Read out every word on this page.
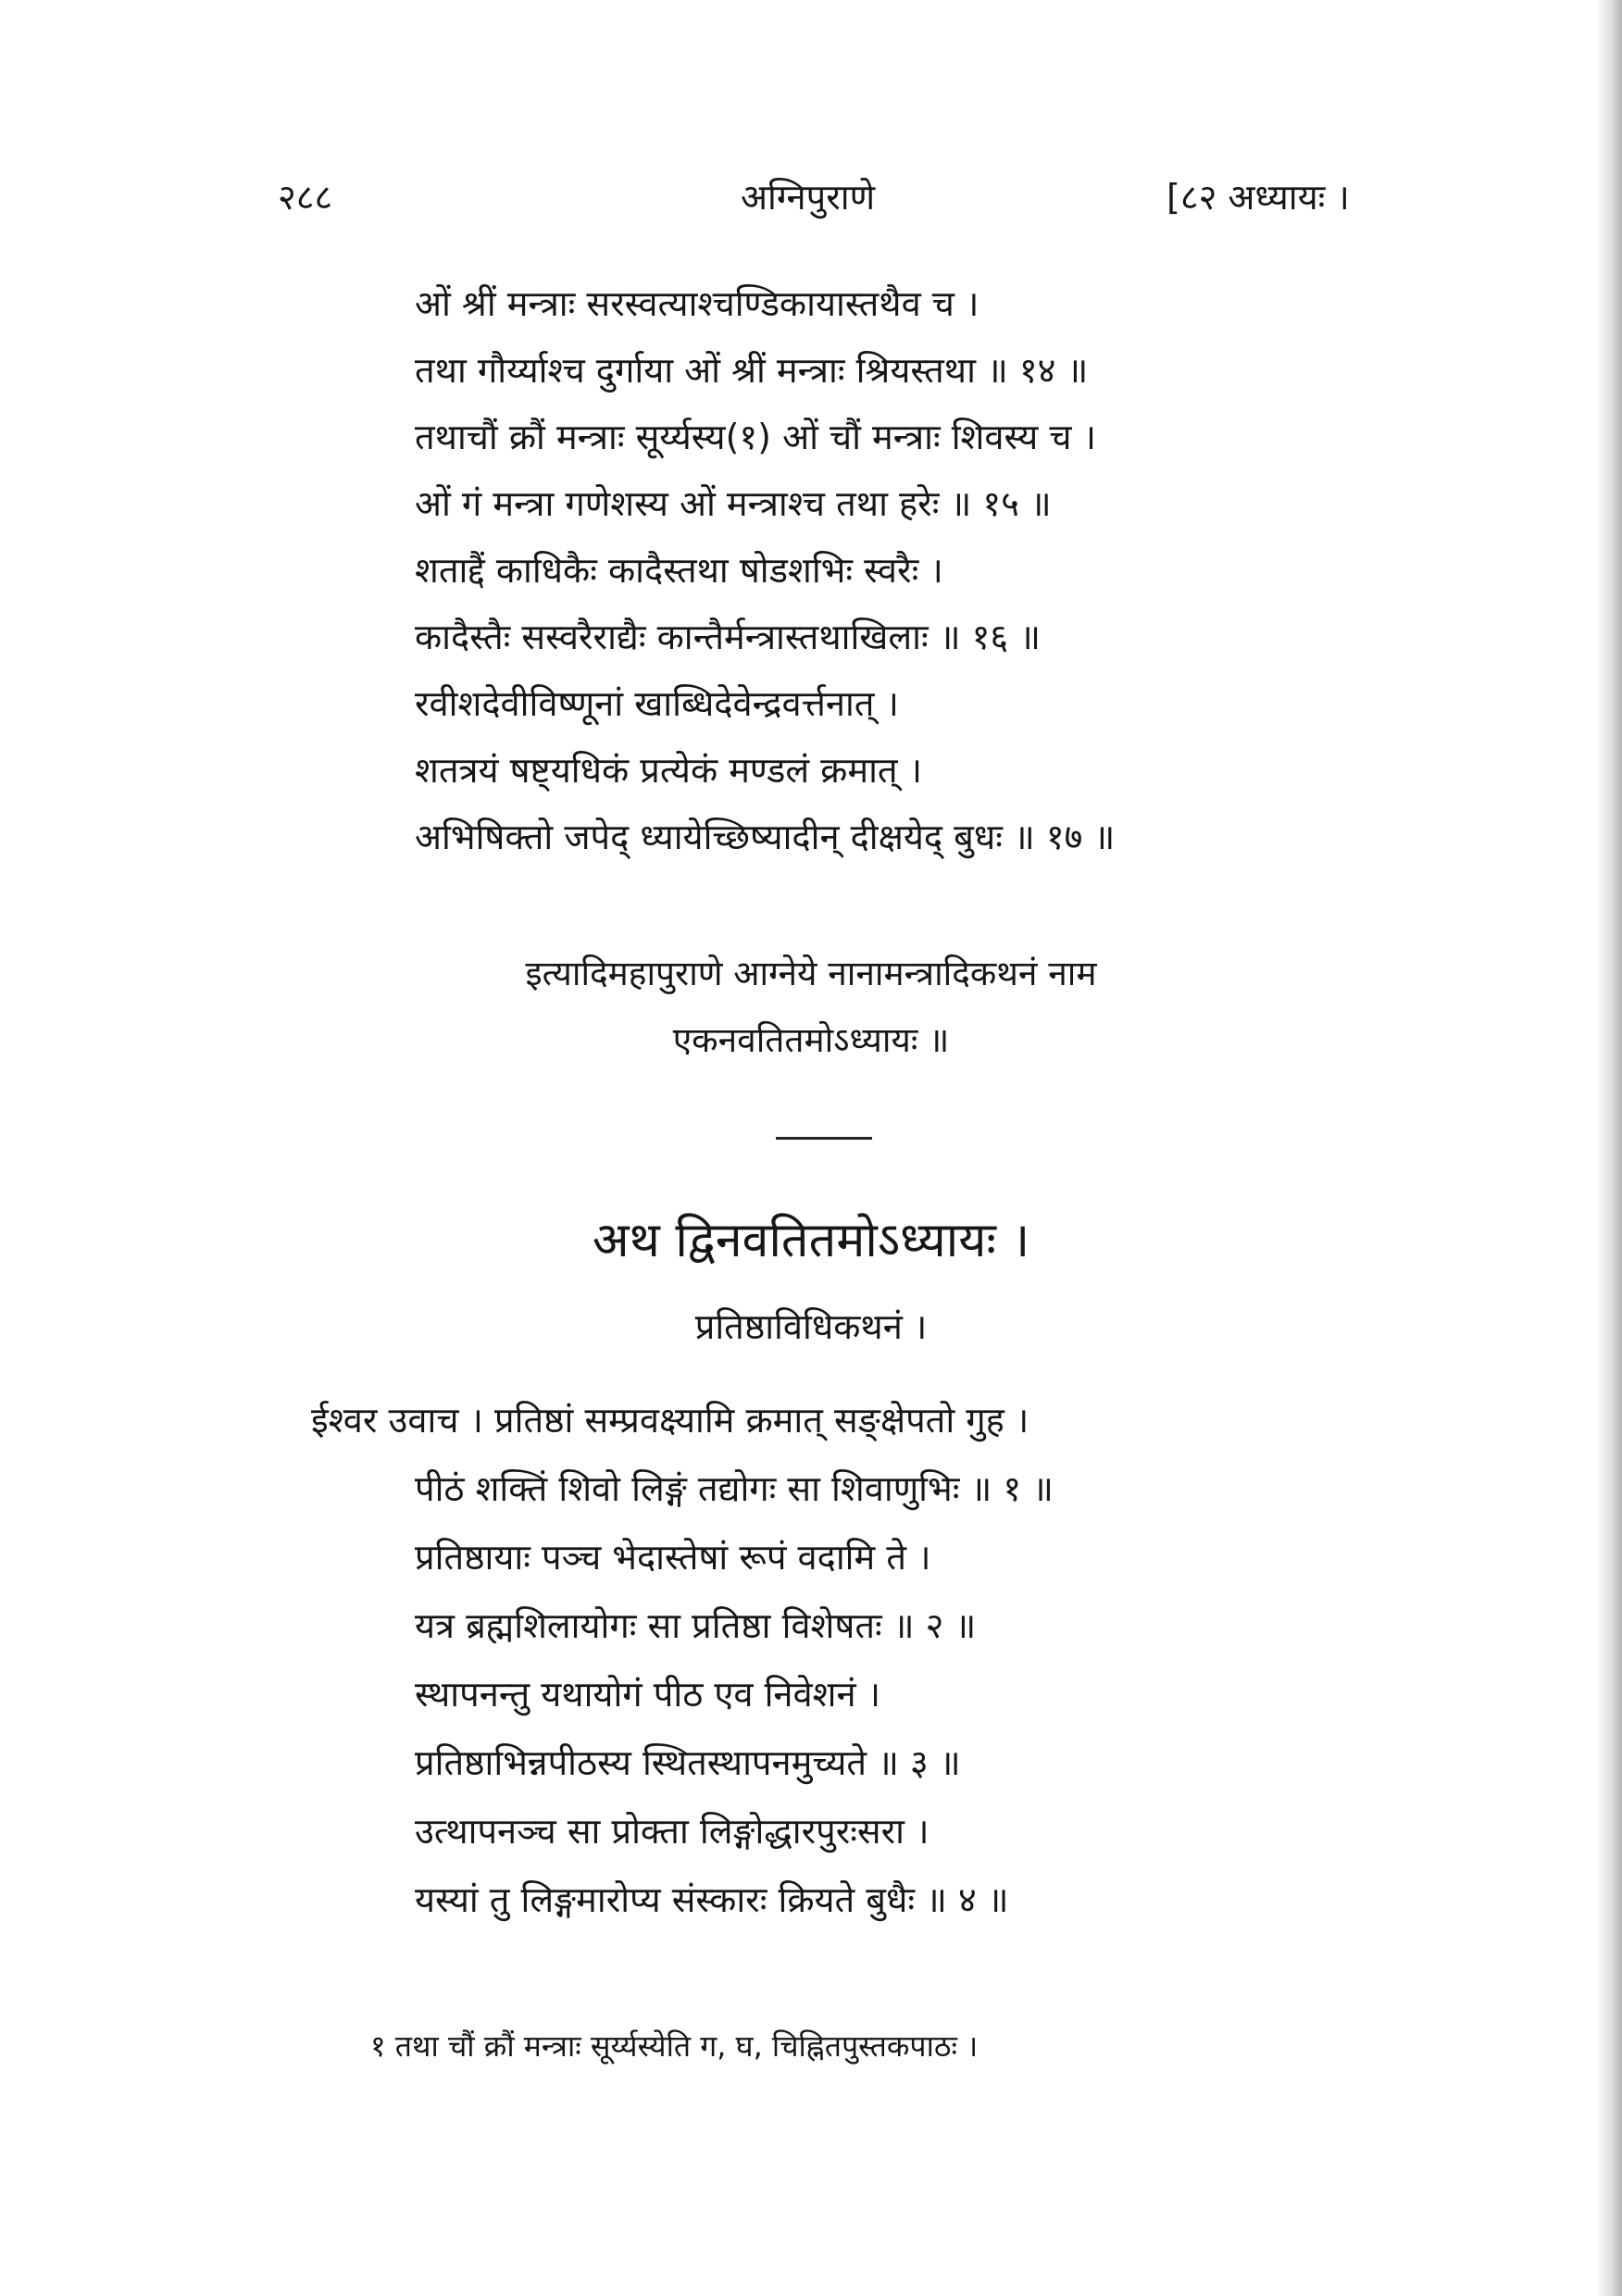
२८८	अग्निपुराणे	[८२ अध्यायः ।
ओं श्रीं मन्त्राः सरस्वत्याश्चण्डिकायास्तथैव च ।
तथा गौर्य्याश्च दुर्गाया ओं श्रीं मन्त्राः श्रियस्तथा ॥ १४ ॥
तथाचौं क्रौं मन्त्राः सूर्य्यस्य(१) ओं चौं मन्त्राः शिवस्य च ।
ओं गं मन्त्रा गणेशस्य ओं मन्त्राश्च तथा हरेः ॥ १५ ॥
शताद्दैं काधिकैः कादैस्तथा षोडशभिः स्वरैः ।
कादैस्तैः सस्वरैराद्यैः कान्तैर्मन्त्रास्तथाखिलाः ॥ १६ ॥
रवीशदेवीविष्णूनां खाब्धिदेवेन्द्रवर्त्तनात् ।
शतत्रयं षष्ट्यधिकं प्रत्येकं मण्डलं क्रमात् ।
अभिषिक्तो जपेद् ध्यायेच्छिष्यादीन् दीक्षयेद् बुधः ॥ १७ ॥
इत्यादिमहापुराणे आग्नेये नानामन्त्रादिकथनं नाम
एकनवतितमोऽध्यायः ॥
अथ द्विनवतितमोऽध्यायः ।
प्रतिष्ठाविधिकथनं ।
ईश्वर उवाच । प्रतिष्ठां सम्प्रवक्ष्यामि क्रमात् सङ्क्षेपतो गुह ।
पीठं शक्तिं शिवो लिङ्गं तद्योगः सा शिवाणुभिः ॥ १ ॥
प्रतिष्ठायाः पञ्च भेदास्तेषां रूपं वदामि ते ।
यत्र ब्रह्मशिलायोगः सा प्रतिष्ठा विशेषतः ॥ २ ॥
स्थापनन्तु यथायोगं पीठ एव निवेशनं ।
प्रतिष्ठाभिन्नपीठस्य स्थितस्थापनमुच्यते ॥ ३ ॥
उत्थापनञ्च सा प्रोक्ता लिङ्गोद्धारपुरःसरा ।
यस्यां तु लिङ्गमारोप्य संस्कारः क्रियते बुधैः ॥ ४ ॥
१ तथा चौं क्रौं मन्त्राः सूर्य्यस्येति ग, घ, चिह्नितपुस्तकपाठः ।
